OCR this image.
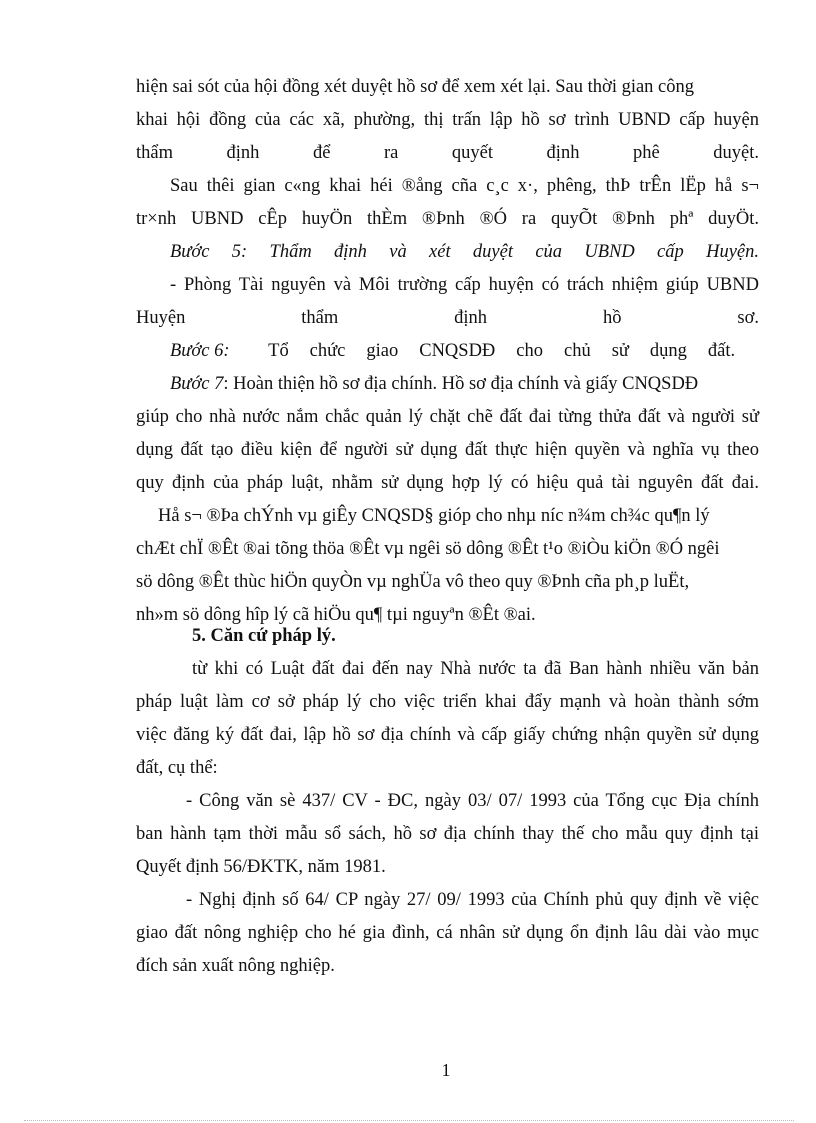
hiện sai sót của hội đồng xét duyệt hồ sơ để xem xét lại. Sau thời gian công
khai hội đồng của các xã, phường, thị trấn lập hồ sơ trình UBND cấp huyện
thẩm định để ra quyết định phê duyệt.
Sau thêi gian c«ng khai héi ®ång cña c¸c x·, phêng, thÞ trÊn lËp hå s¬
tr×nh UBND cÊp huyÖn thÈm ®Þnh ®Ó ra quyÕt ®Þnh phª duyÖt.
Bước 5: Thẩm định và xét duyệt của UBND cấp Huyện.
- Phòng Tài nguyên và Môi trường cấp huyện có trách nhiệm giúp UBND
Huyện thẩm định hồ sơ.
Bước 6: Tổ chức giao CNQSDĐ cho chủ sử dụng đất.
Bước 7: Hoàn thiện hồ sơ địa chính. Hồ sơ địa chính và giấy CNQSDĐ
giúp cho nhà nước nắm chắc quản lý chặt chẽ đất đai từng thửa đất và người sử
dụng đất tạo điều kiện để người sử dụng đất thực hiện quyền và nghĩa vụ theo
quy định của pháp luật, nhằm sử dụng hợp lý có hiệu quả tài nguyên đất đai.
Hå s¬ ®Þa chÝnh vµ giÊy CNQSD§ gióp cho nhµ níc n¾m ch¾c qu¶n lý
chÆt chÏ ®Êt ®ai tõng thöa ®Êt vµ ngêi sö dông ®Êt t¹o ®iÒu kiÖn ®Ó ngêi
sö dông ®Êt thùc hiÖn quyÒn vµ nghÜa vô theo quy ®Þnh cña ph¸p luËt,
nh»m sö dông hîp lý cã hiÖu qu¶ tµi nguyªn ®Êt ®ai.
5. Căn cứ pháp lý.
từ khi có Luật đất đai đến nay Nhà nước ta đã Ban hành nhiều văn bản
pháp luật làm cơ sở pháp lý cho việc triển khai đẩy mạnh và hoàn thành sớm
việc đăng ký đất đai, lập hồ sơ địa chính và cấp giấy chứng nhận quyền sử dụng
đất, cụ thể:
- Công văn sè 437/ CV - ĐC, ngày 03/ 07/ 1993 của Tổng cục Địa chính
ban hành tạm thời mẫu sổ sách, hồ sơ địa chính thay thế cho mẫu quy định tại
Quyết định 56/ĐKTK, năm 1981.
- Nghị định số 64/ CP ngày 27/ 09/ 1993 của Chính phủ quy định về việc
giao đất nông nghiệp cho hé gia đình, cá nhân sử dụng ổn định lâu dài vào mục
đích sản xuất nông nghiệp.
1
